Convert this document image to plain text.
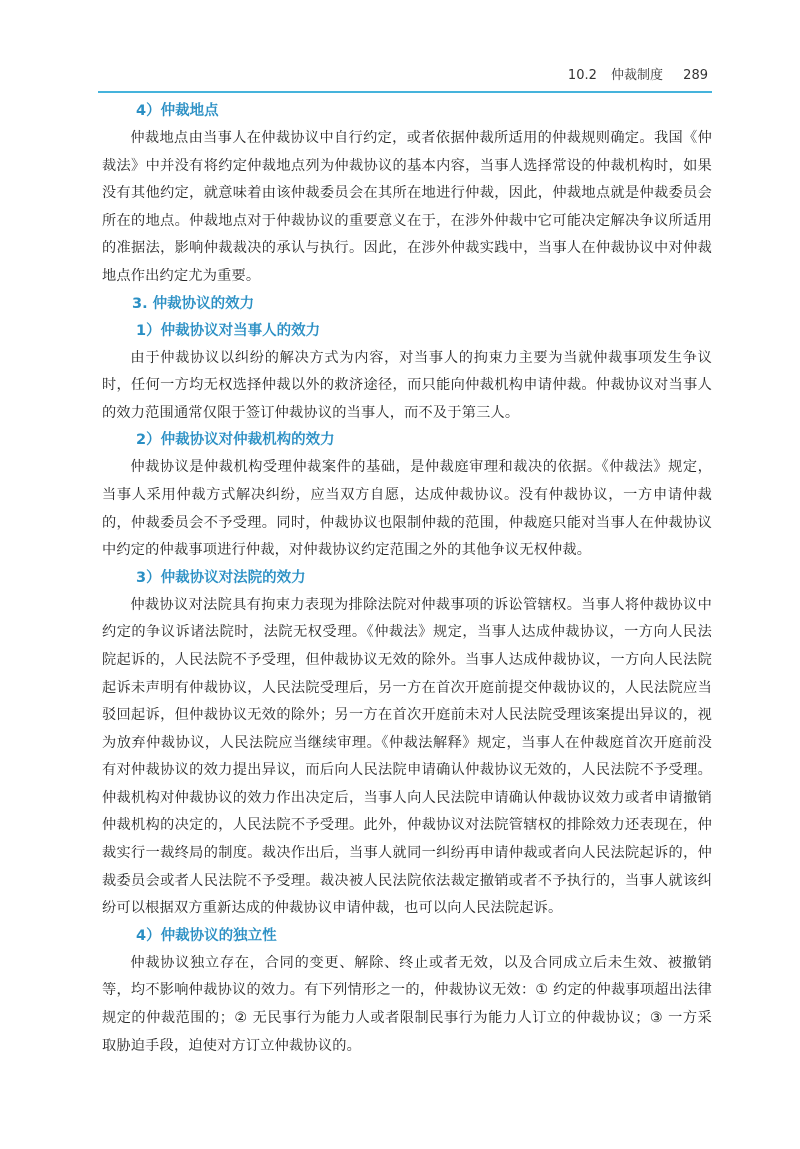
10.2 仲裁制度 289
4）仲裁地点

仲裁地点由当事人在仲裁协议中自行约定，或者依据仲裁所适用的仲裁规则确定。我国《仲裁法》中并没有将约定仲裁地点列为仲裁协议的基本内容，当事人选择常设的仲裁机构时，如果没有其他约定，就意味着由该仲裁委员会在其所在地进行仲裁，因此，仲裁地点就是仲裁委员会所在的地点。仲裁地点对于仲裁协议的重要意义在于，在涉外仲裁中它可能决定解决争议所适用的准据法，影响仲裁裁决的承认与执行。因此，在涉外仲裁实践中，当事人在仲裁协议中对仲裁地点作出约定尤为重要。

3. 仲裁协议的效力
1）仲裁协议对当事人的效力

由于仲裁协议以纠纷的解决方式为内容，对当事人的拘束力主要为当就仲裁事项发生争议时，任何一方均无权选择仲裁以外的救济途径，而只能向仲裁机构申请仲裁。仲裁协议对当事人的效力范围通常仅限于签订仲裁协议的当事人，而不及于第三人。

2）仲裁协议对仲裁机构的效力

仲裁协议是仲裁机构受理仲裁案件的基础，是仲裁庭审理和裁决的依据。《仲裁法》规定，当事人采用仲裁方式解决纠纷，应当双方自愿，达成仲裁协议。没有仲裁协议，一方申请仲裁的，仲裁委员会不予受理。同时，仲裁协议也限制仲裁的范围，仲裁庭只能对当事人在仲裁协议中约定的仲裁事项进行仲裁，对仲裁协议约定范围之外的其他争议无权仲裁。

3）仲裁协议对法院的效力

仲裁协议对法院具有拘束力表现为排除法院对仲裁事项的诉讼管辖权。当事人将仲裁协议中约定的争议诉诸法院时，法院无权受理。《仲裁法》规定，当事人达成仲裁协议，一方向人民法院起诉的，人民法院不予受理，但仲裁协议无效的除外。当事人达成仲裁协议，一方向人民法院起诉未声明有仲裁协议，人民法院受理后，另一方在首次开庭前提交仲裁协议的，人民法院应当驳回起诉，但仲裁协议无效的除外；另一方在首次开庭前未对人民法院受理该案提出异议的，视为放弃仲裁协议，人民法院应当继续审理。《仲裁法解释》规定，当事人在仲裁庭首次开庭前没有对仲裁协议的效力提出异议，而后向人民法院申请确认仲裁协议无效的，人民法院不予受理。仲裁机构对仲裁协议的效力作出决定后，当事人向人民法院申请确认仲裁协议效力或者申请撤销仲裁机构的决定的，人民法院不予受理。此外，仲裁协议对法院管辖权的排除效力还表现在，仲裁实行一裁终局的制度。裁决作出后，当事人就同一纠纷再申请仲裁或者向人民法院起诉的，仲裁委员会或者人民法院不予受理。裁决被人民法院依法裁定撤销或者不予执行的，当事人就该纠纷可以根据双方重新达成的仲裁协议申请仲裁，也可以向人民法院起诉。

4）仲裁协议的独立性

仲裁协议独立存在，合同的变更、解除、终止或者无效，以及合同成立后未生效、被撤销等，均不影响仲裁协议的效力。有下列情形之一的，仲裁协议无效：① 约定的仲裁事项超出法律规定的仲裁范围的；② 无民事行为能力人或者限制民事行为能力人订立的仲裁协议；③ 一方采取胁迫手段，迫使对方订立仲裁协议的。
